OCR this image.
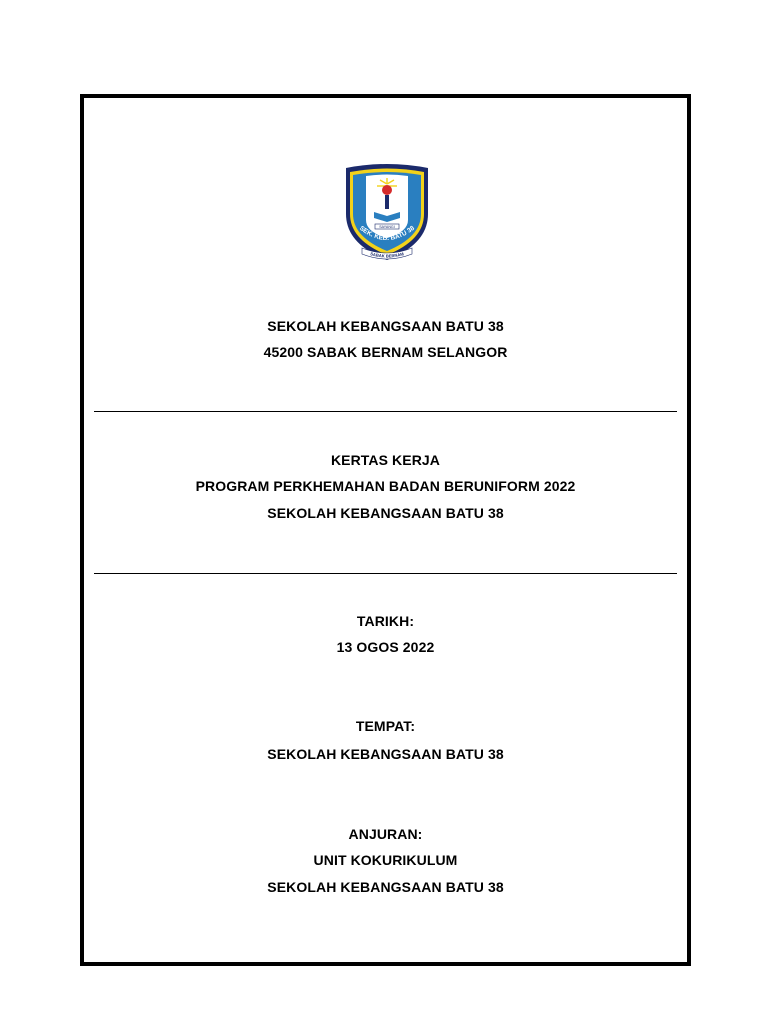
SAYANGI
SEK. KEB. BATU 38
SABAK BERNAM
SEKOLAH KEBANGSAAN BATU 38
45200 SABAK BERNAM SELANGOR
KERTAS KERJA
PROGRAM PERKHEMAHAN BADAN BERUNIFORM 2022
SEKOLAH KEBANGSAAN BATU 38
TARIKH:
13 OGOS 2022
TEMPAT:
SEKOLAH KEBANGSAAN BATU 38
ANJURAN:
UNIT KOKURIKULUM
SEKOLAH KEBANGSAAN BATU 38
